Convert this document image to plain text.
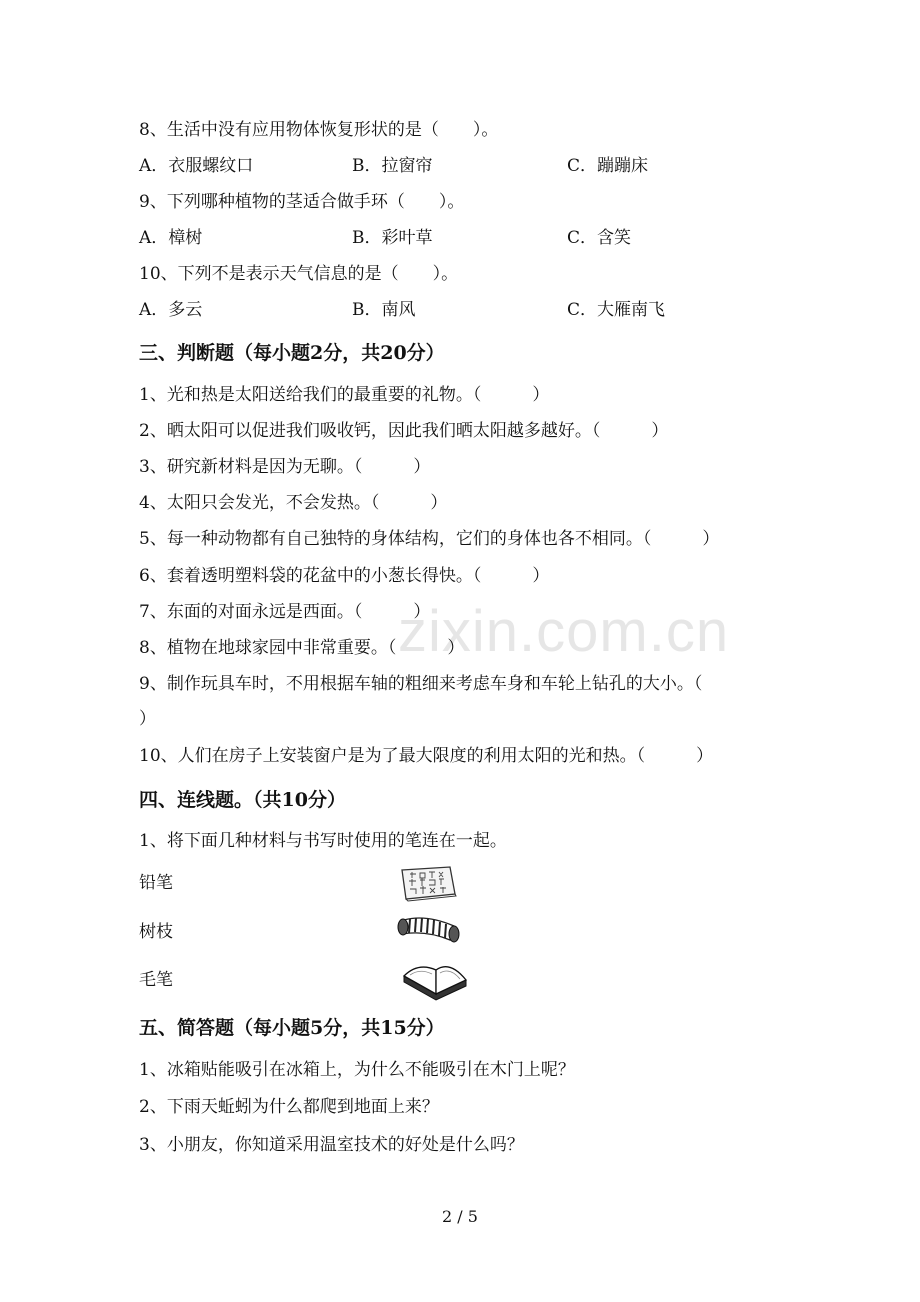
zixin.com.cn
8、生活中没有应用物体恢复形状的是（　　）。
A．衣服螺纹口	B．拉窗帘	C．蹦蹦床
9、下列哪种植物的茎适合做手环（　　）。
A．樟树	B．彩叶草	C．含笑
10、下列不是表示天气信息的是（　　）。
A．多云	B．南风	C．大雁南飞
三、判断题（每小题2分，共20分）
1、光和热是太阳送给我们的最重要的礼物。（　　　）
2、晒太阳可以促进我们吸收钙，因此我们晒太阳越多越好。（　　　）
3、研究新材料是因为无聊。（　　　）
4、太阳只会发光，不会发热。（　　　）
5、每一种动物都有自己独特的身体结构，它们的身体也各不相同。（　　　）
6、套着透明塑料袋的花盆中的小葱长得快。（　　　）
7、东面的对面永远是西面。（　　　）
8、植物在地球家园中非常重要。（　　　）
9、制作玩具车时，不用根据车轴的粗细来考虑车身和车轮上钻孔的大小。（
）
10、人们在房子上安装窗户是为了最大限度的利用太阳的光和热。（　　　）
四、连线题。（共10分）
1、将下面几种材料与书写时使用的笔连在一起。
铅笔
树枝
毛笔
五、简答题（每小题5分，共15分）
1、冰箱贴能吸引在冰箱上，为什么不能吸引在木门上呢？
2、下雨天蚯蚓为什么都爬到地面上来？
3、小朋友，你知道采用温室技术的好处是什么吗？
2 / 5
